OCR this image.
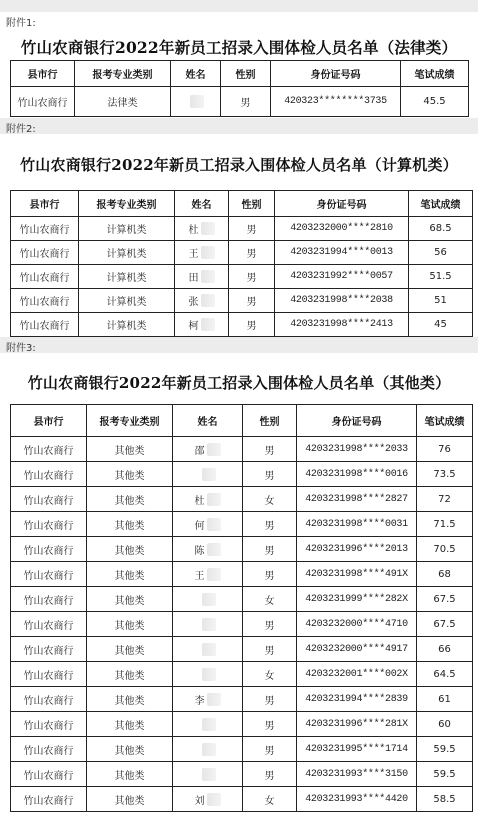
附件1:
竹山农商银行2022年新员工招录入围体检人员名单（法律类）
县市行	报考专业类别	姓名	性别	身份证号码	笔试成绩
竹山农商行	法律类		男	420323********3735	45.5
附件2:
竹山农商银行2022年新员工招录入围体检人员名单（计算机类）
县市行	报考专业类别	姓名	性别	身份证号码	笔试成绩
竹山农商行	计算机类	杜	男	4203232000****2810	68.5
竹山农商行	计算机类	王	男	4203231994****0013	56
竹山农商行	计算机类	田	男	4203231992****0057	51.5
竹山农商行	计算机类	张	男	4203231998****2038	51
竹山农商行	计算机类	柯	男	4203231998****2413	45
附件3:
竹山农商银行2022年新员工招录入围体检人员名单（其他类）
县市行	报考专业类别	姓名	性别	身份证号码	笔试成绩
竹山农商行	其他类	邵	男	4203231998****2033	76
竹山农商行	其他类		男	4203231998****0016	73.5
竹山农商行	其他类	杜	女	4203231998****2827	72
竹山农商行	其他类	何	男	4203231998****0031	71.5
竹山农商行	其他类	陈	男	4203231996****2013	70.5
竹山农商行	其他类	王	男	4203231998****491X	68
竹山农商行	其他类		女	4203231999****282X	67.5
竹山农商行	其他类		男	4203232000****4710	67.5
竹山农商行	其他类		男	4203232000****4917	66
竹山农商行	其他类		女	4203232001****002X	64.5
竹山农商行	其他类	李	男	4203231994****2839	61
竹山农商行	其他类		男	4203231996****281X	60
竹山农商行	其他类		男	4203231995****1714	59.5
竹山农商行	其他类		男	4203231993****3150	59.5
竹山农商行	其他类	刘	女	4203231993****4420	58.5
